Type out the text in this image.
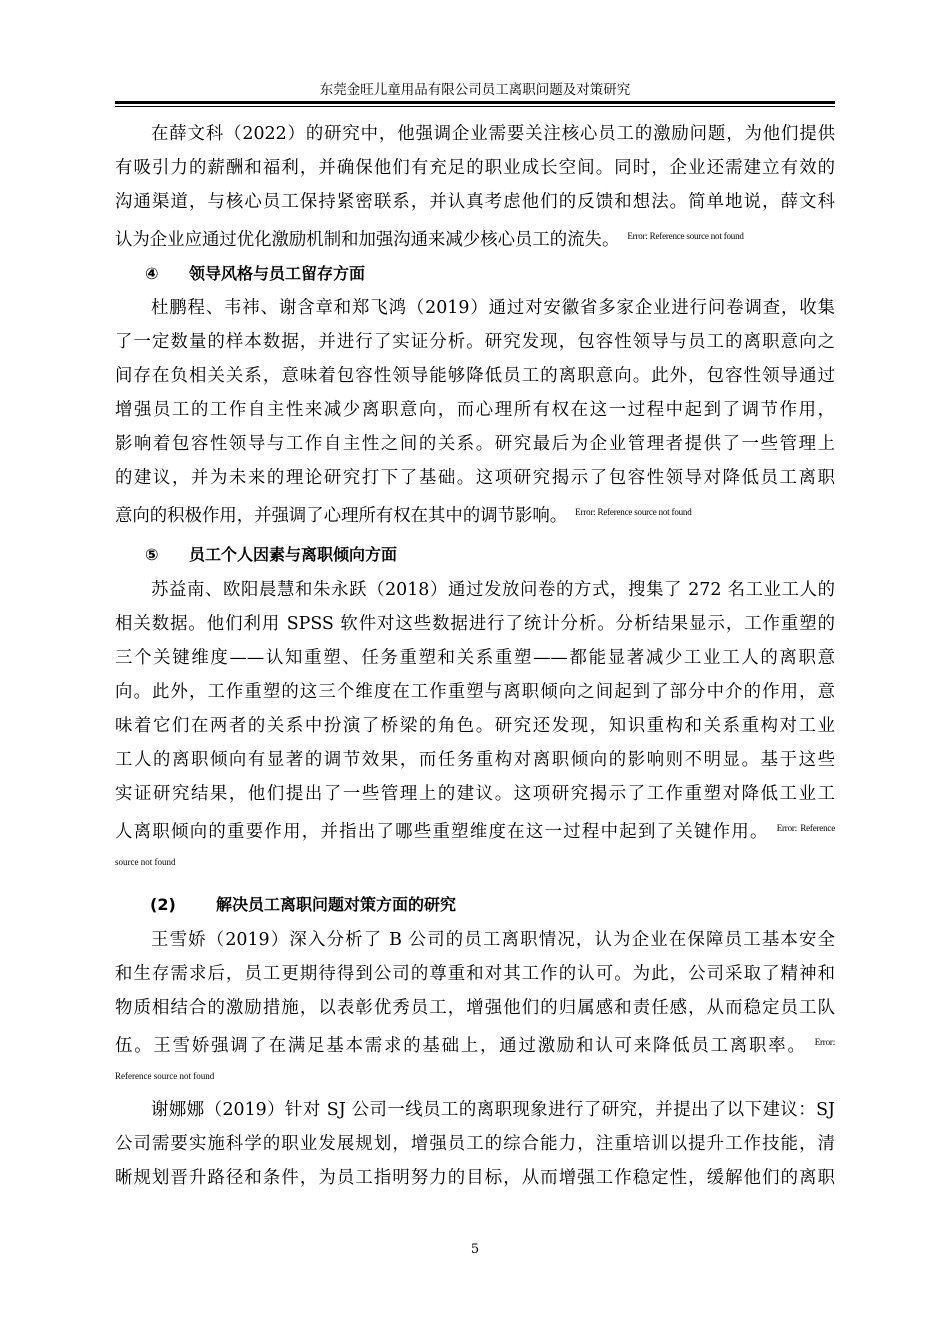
东莞金旺儿童用品有限公司员工离职问题及对策研究
在薛文科（2022）的研究中，他强调企业需要关注核心员工的激励问题，为他们提供
有吸引力的薪酬和福利，并确保他们有充足的职业成长空间。同时，企业还需建立有效的
沟通渠道，与核心员工保持紧密联系，并认真考虑他们的反馈和想法。简单地说，薛文科
认为企业应通过优化激励机制和加强沟通来减少核心员工的流失。 $^{Error: Reference source not found}$
④ 领导风格与员工留存方面
杜鹏程、韦祎、谢含章和郑飞鸿（2019）通过对安徽省多家企业进行问卷调查，收集
了一定数量的样本数据，并进行了实证分析。研究发现，包容性领导与员工的离职意向之
间存在负相关关系，意味着包容性领导能够降低员工的离职意向。此外，包容性领导通过
增强员工的工作自主性来减少离职意向，而心理所有权在这一过程中起到了调节作用，
影响着包容性领导与工作自主性之间的关系。研究最后为企业管理者提供了一些管理上
的建议，并为未来的理论研究打下了基础。这项研究揭示了包容性领导对降低员工离职
意向的积极作用，并强调了心理所有权在其中的调节影响。 $^{Error: Reference source not found}$
⑤ 员工个人因素与离职倾向方面
苏益南、欧阳晨慧和朱永跃（2018）通过发放问卷的方式，搜集了 272 名工业工人的
相关数据。他们利用 SPSS 软件对这些数据进行了统计分析。分析结果显示，工作重塑的
三个关键维度——认知重塑、任务重塑和关系重塑——都能显著减少工业工人的离职意
向。此外，工作重塑的这三个维度在工作重塑与离职倾向之间起到了部分中介的作用，意
味着它们在两者的关系中扮演了桥梁的角色。研究还发现，知识重构和关系重构对工业
工人的离职倾向有显著的调节效果，而任务重构对离职倾向的影响则不明显。基于这些
实证研究结果，他们提出了一些管理上的建议。这项研究揭示了工作重塑对降低工业工
人离职倾向的重要作用，并指出了哪些重塑维度在这一过程中起到了关键作用。 $^{Error: Reference}$
source not found
(2)	解决员工离职问题对策方面的研究
王雪娇（2019）深入分析了 B 公司的员工离职情况，认为企业在保障员工基本安全
和生存需求后，员工更期待得到公司的尊重和对其工作的认可。为此，公司采取了精神和
物质相结合的激励措施，以表彰优秀员工，增强他们的归属感和责任感，从而稳定员工队
伍。王雪娇强调了在满足基本需求的基础上，通过激励和认可来降低员工离职率。 $^{Error:}$
Reference source not found
谢娜娜（2019）针对 SJ 公司一线员工的离职现象进行了研究，并提出了以下建议：SJ
公司需要实施科学的职业发展规划，增强员工的综合能力，注重培训以提升工作技能，清
晰规划晋升路径和条件，为员工指明努力的目标，从而增强工作稳定性，缓解他们的离职
5
